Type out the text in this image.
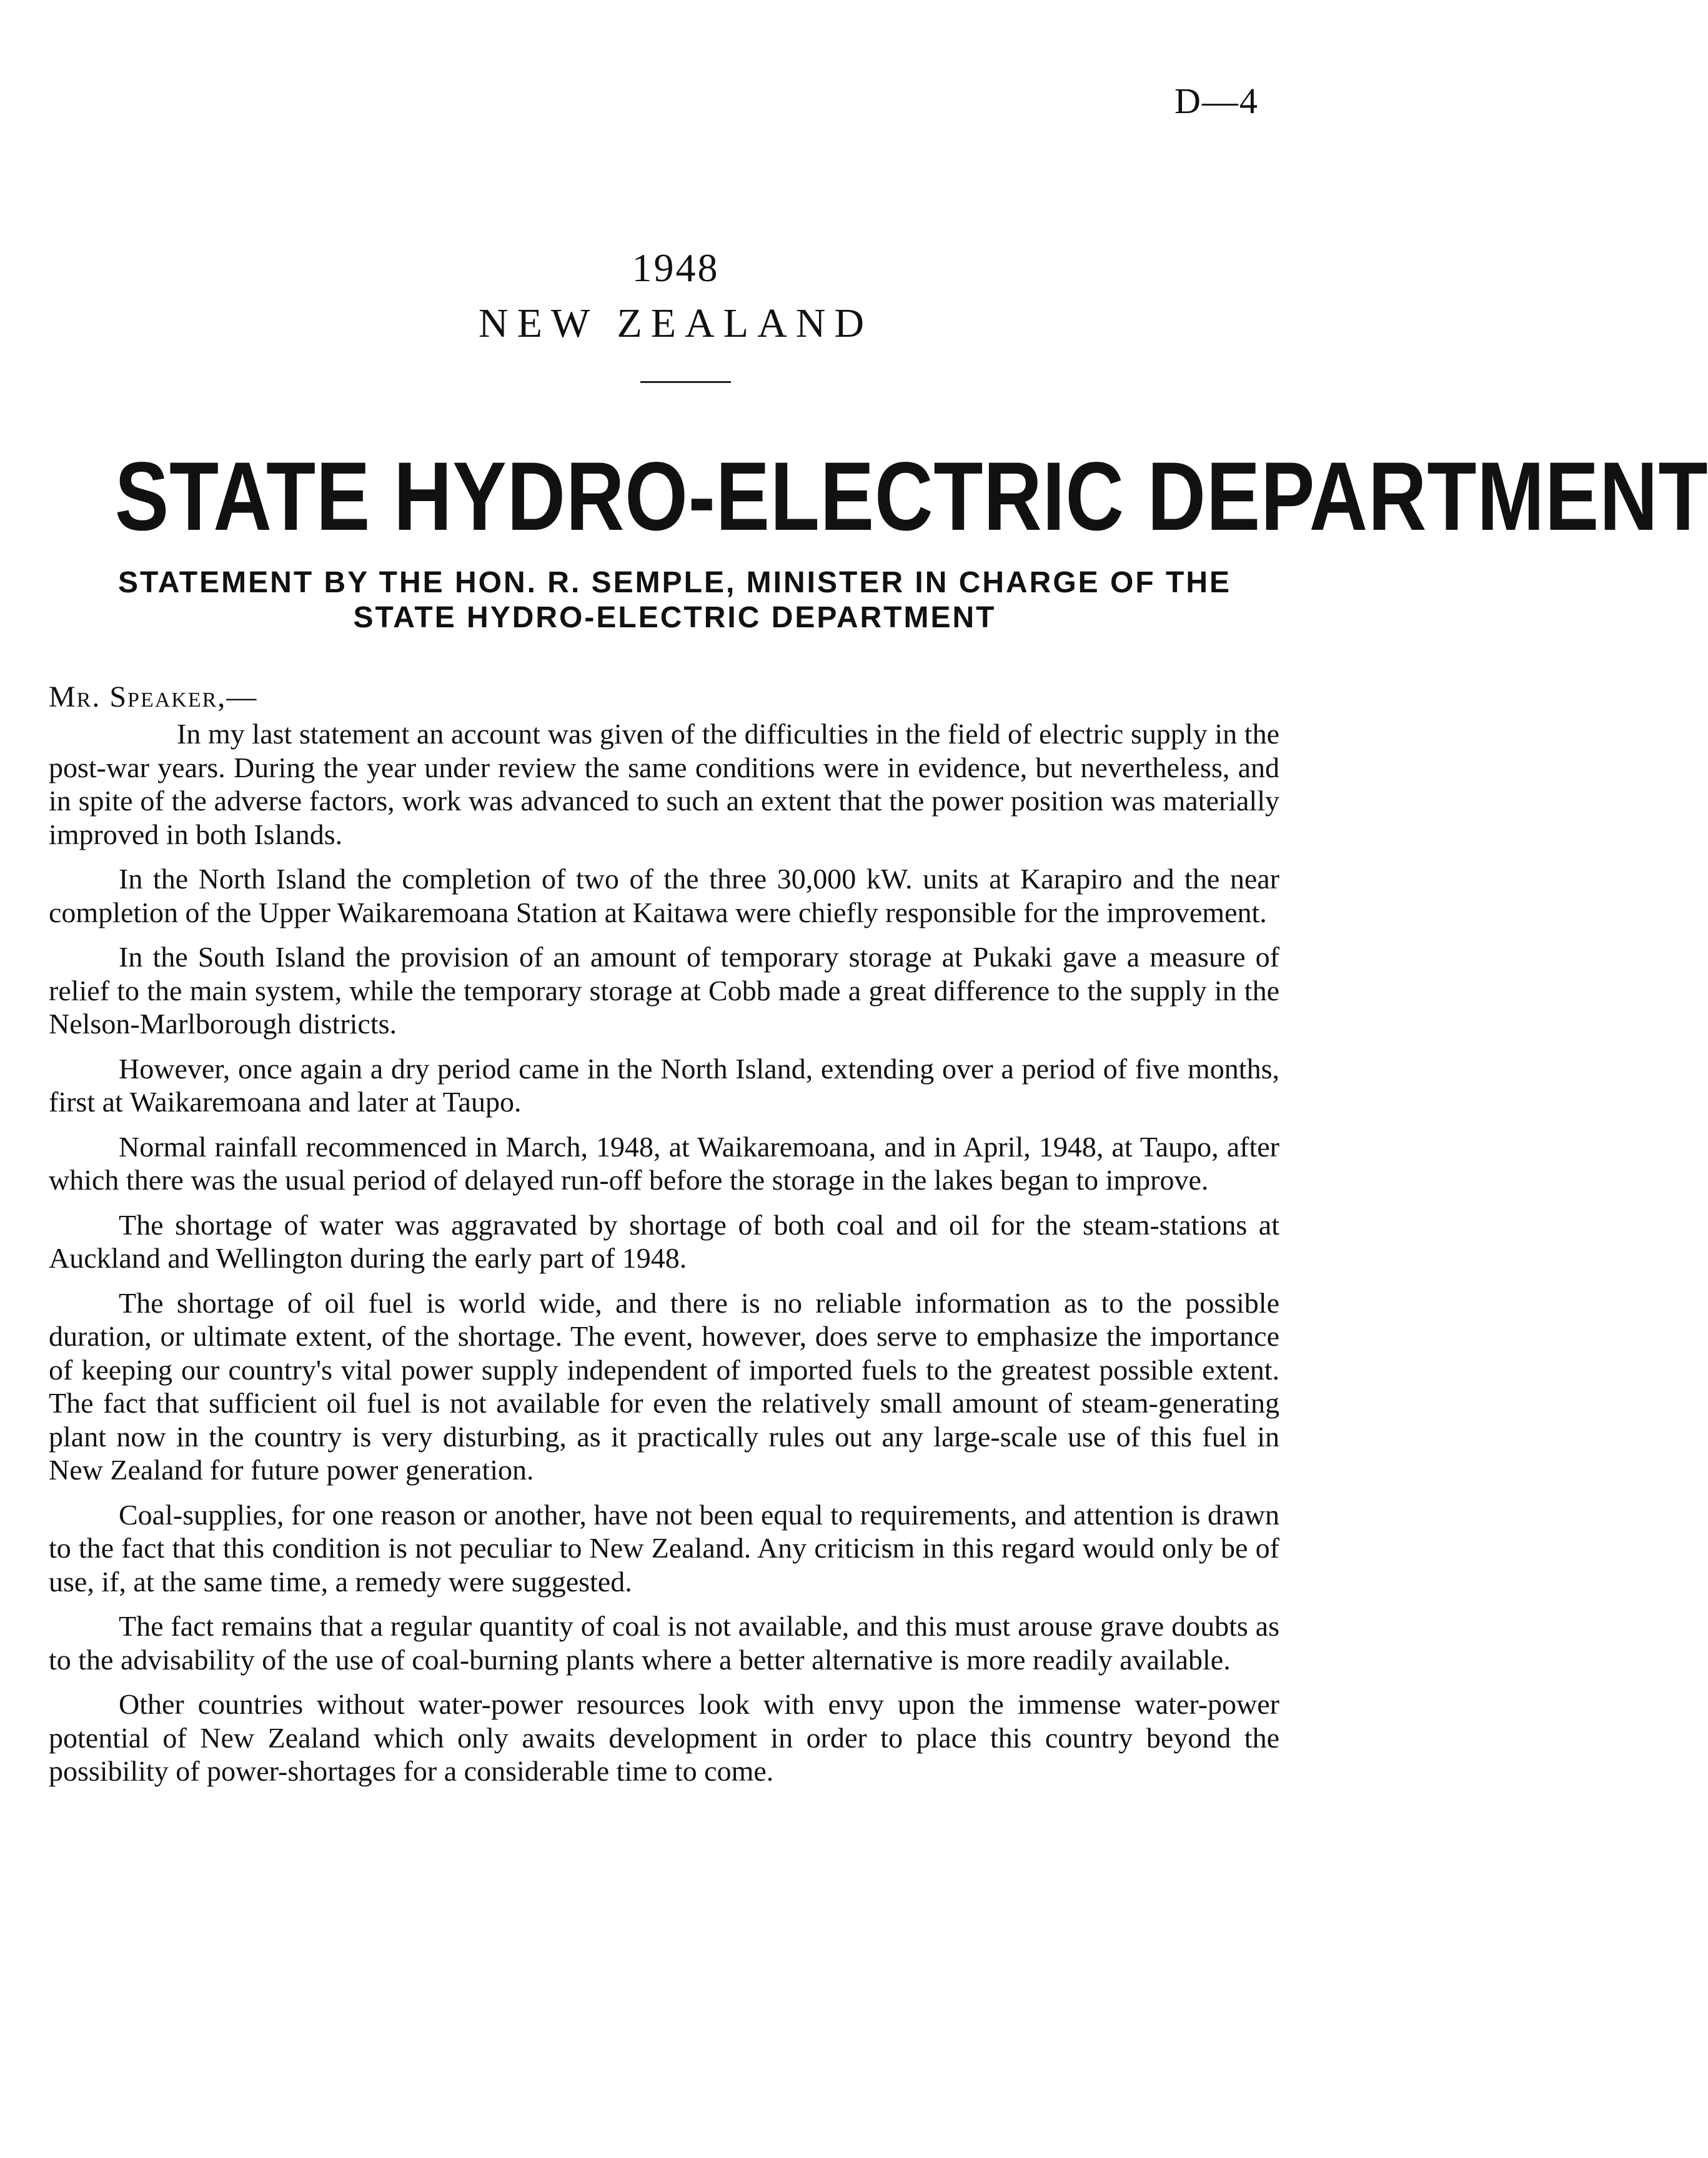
D—4
1948
NEW ZEALAND
STATE HYDRO-ELECTRIC DEPARTMENT
STATEMENT BY THE HON. R. SEMPLE, MINISTER IN CHARGE OF THE STATE HYDRO-ELECTRIC DEPARTMENT
Mr. Speaker,—

In my last statement an account was given of the difficulties in the field of electric supply in the post-war years. During the year under review the same conditions were in evidence, but nevertheless, and in spite of the adverse factors, work was advanced to such an extent that the power position was materially improved in both Islands.

In the North Island the completion of two of the three 30,000 kW. units at Karapiro and the near completion of the Upper Waikaremoana Station at Kaitawa were chiefly responsible for the improvement.

In the South Island the provision of an amount of temporary storage at Pukaki gave a measure of relief to the main system, while the temporary storage at Cobb made a great difference to the supply in the Nelson-Marlborough districts.

However, once again a dry period came in the North Island, extending over a period of five months, first at Waikaremoana and later at Taupo.

Normal rainfall recommenced in March, 1948, at Waikaremoana, and in April, 1948, at Taupo, after which there was the usual period of delayed run-off before the storage in the lakes began to improve.

The shortage of water was aggravated by shortage of both coal and oil for the steam-stations at Auckland and Wellington during the early part of 1948.

The shortage of oil fuel is world wide, and there is no reliable information as to the possible duration, or ultimate extent, of the shortage. The event, however, does serve to emphasize the importance of keeping our country's vital power supply independent of imported fuels to the greatest possible extent. The fact that sufficient oil fuel is not available for even the relatively small amount of steam-generating plant now in the country is very disturbing, as it practically rules out any large-scale use of this fuel in New Zealand for future power generation.

Coal-supplies, for one reason or another, have not been equal to requirements, and attention is drawn to the fact that this condition is not peculiar to New Zealand. Any criticism in this regard would only be of use, if, at the same time, a remedy were suggested.

The fact remains that a regular quantity of coal is not available, and this must arouse grave doubts as to the advisability of the use of coal-burning plants where a better alternative is more readily available.

Other countries without water-power resources look with envy upon the immense water-power potential of New Zealand which only awaits development in order to place this country beyond the possibility of power-shortages for a considerable time to come.
